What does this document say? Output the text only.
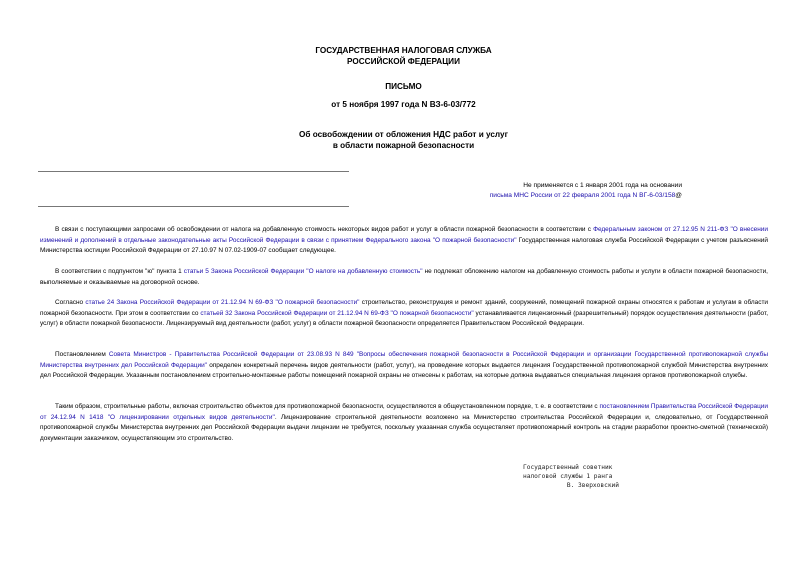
ГОСУДАРСТВЕННАЯ НАЛОГОВАЯ СЛУЖБА
РОССИЙСКОЙ ФЕДЕРАЦИИ
ПИСЬМО
от 5 ноября 1997 года N ВЗ-6-03/772
Об освобождении от обложения НДС работ и услуг
в области пожарной безопасности
Не применяется с 1 января 2001 года на основании
письма МНС России от 22 февраля 2001 года N ВГ-6-03/158@

В связи с поступающими запросами об освобождении от налога на добавленную стоимость некоторых видов работ и услуг в области пожарной безопасности в соответствии с Федеральным законом от 27.12.95 N 211-ФЗ "О внесении изменений и дополнений в отдельные законодательные акты Российской Федерации в связи с принятием Федерального закона "О пожарной безопасности" Государственная налоговая служба Российской Федерации с учетом разъяснений Министерства юстиции Российской Федерации от 27.10.97 N 07.02-1909-07 сообщает следующее.

В соответствии с подпунктом "ю" пункта 1 статьи 5 Закона Российской Федерации "О налоге на добавленную стоимость" не подлежат обложению налогом на добавленную стоимость работы и услуги в области пожарной безопасности, выполняемые и оказываемые на договорной основе.

Согласно статье 24 Закона Российской Федерации от 21.12.94 N 69-ФЗ "О пожарной безопасности" строительство, реконструкция и ремонт зданий, сооружений, помещений пожарной охраны относятся к работам и услугам в области пожарной безопасности. При этом в соответствии со статьей 32 Закона Российской Федерации от 21.12.94 N 69-ФЗ "О пожарной безопасности" устанавливается лицензионный (разрешительный) порядок осуществления деятельности (работ, услуг) в области пожарной безопасности. Лицензируемый вид деятельности (работ, услуг) в области пожарной безопасности определяется Правительством Российской Федерации.

Постановлением Совета Министров - Правительства Российской Федерации от 23.08.93 N 849 "Вопросы обеспечения пожарной безопасности в Российской Федерации и организации Государственной противопожарной службы Министерства внутренних дел Российской Федерации" определен конкретный перечень видов деятельности (работ, услуг), на проведение которых выдается лицензия Государственной противопожарной службой Министерства внутренних дел Российской Федерации. Указанным постановлением строительно-монтажные работы помещений пожарной охраны не отнесены к работам, на которые должна выдаваться специальная лицензия органов противопожарной службы.

Таким образом, строительные работы, включая строительство объектов для противопожарной безопасности, осуществляются в общеустановленном порядке, т. е. в соответствии с постановлением Правительства Российской Федерации от 24.12.94 N 1418 "О лицензировании отдельных видов деятельности". Лицензирование строительной деятельности возложено на Министерство строительства Российской Федерации и, следовательно, от Государственной противопожарной службы Министерства внутренних дел Российской Федерации выдачи лицензии не требуется, поскольку указанная служба осуществляет противопожарный контроль на стадии разработки проектно-сметной (технической) документации заказчиком, осуществляющим это строительство.

Государственный советник
налоговой службы 1 ранга
В. Зверховский
